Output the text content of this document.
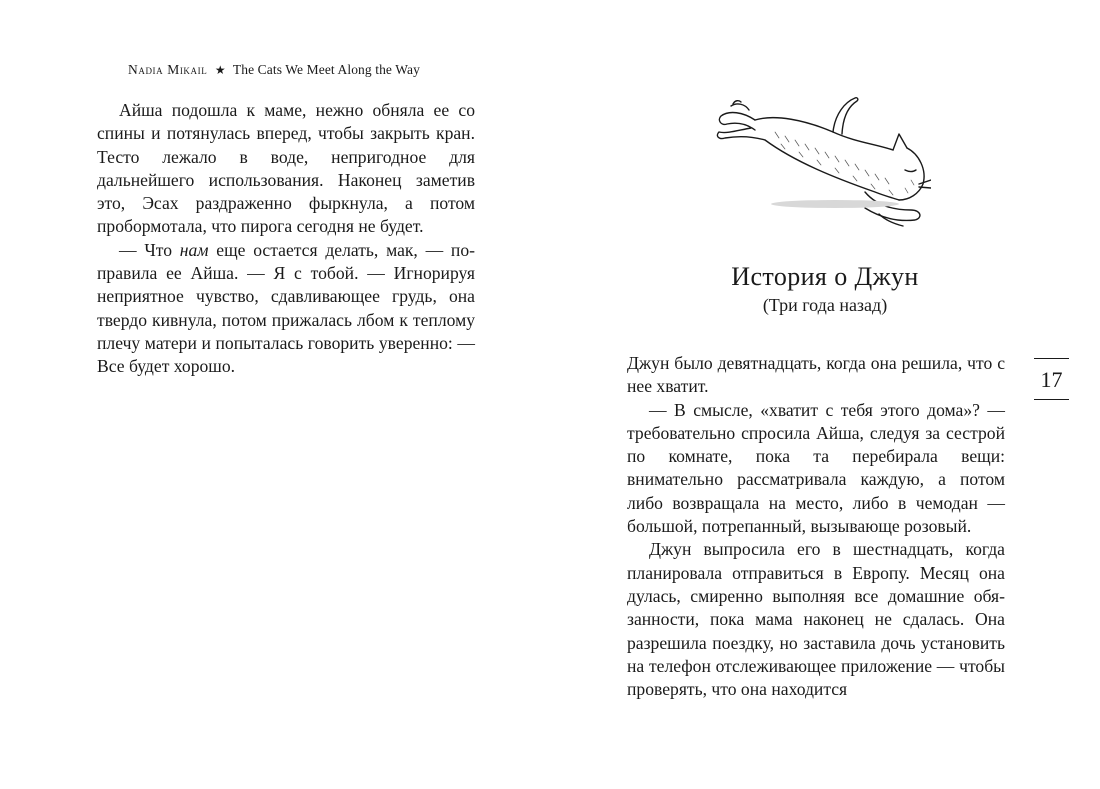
Nadia Mikail ★ The Cats We Meet Along the Way

Айша подошла к маме, нежно обняла ее со спины и потянулась вперед, чтобы закрыть кран. Тесто лежало в воде, непригодное для дальнейшего использования. Наконец заметив это, Эсах раздраженно фыркнула, а потом пробормотала, что пирога сегодня не будет.

— Что нам еще остается делать, мак, — поправила ее Айша. — Я с тобой. — Игнорируя неприятное чувство, сдавливающее грудь, она твердо кивнула, потом прижалась лбом к теплому плечу матери и попыталась говорить уверенно: — Все будет хорошо.

История о Джун
(Три года назад)

Джун было девятнадцать, когда она решила, что с нее хватит.

— В смысле, «хватит с тебя этого дома»? — требовательно спросила Айша, следуя за сестрой по комнате, пока та перебирала вещи: внимательно рассматривала каждую, а потом либо возвращала на место, либо в чемодан — большой, потрепанный, вызывающе розовый.

Джун выпросила его в шестнадцать, когда планировала отправиться в Европу. Месяц она дулась, смиренно выполняя все домашние обязанности, пока мама наконец не сдалась. Она разрешила поездку, но заставила дочь установить на телефон отслеживающее приложение — чтобы проверять, что она находится

17
